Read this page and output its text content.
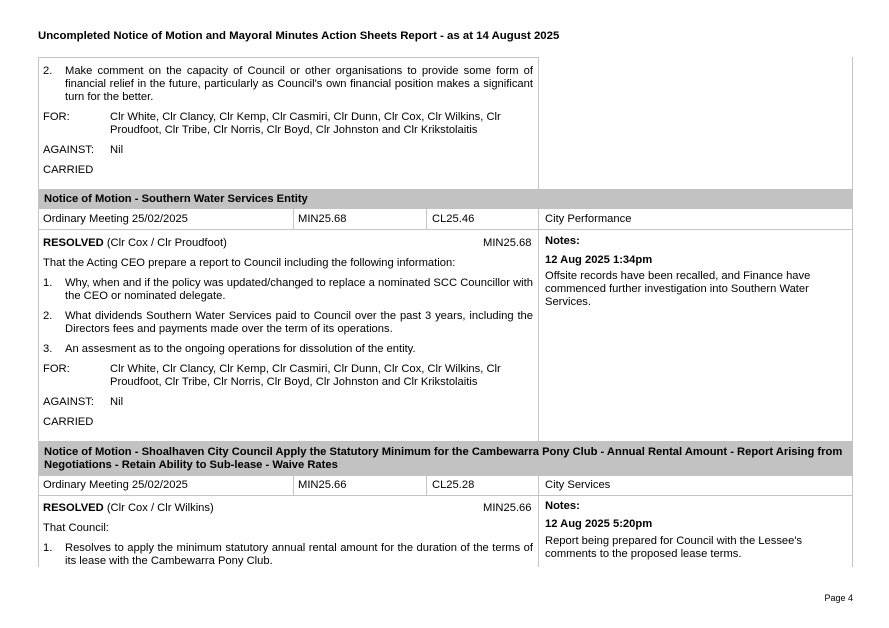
Uncompleted Notice of Motion and Mayoral Minutes Action Sheets Report - as at 14 August 2025
2. Make comment on the capacity of Council or other organisations to provide some form of financial relief in the future, particularly as Council's own financial position makes a significant turn for the better.
FOR:	Clr White, Clr Clancy, Clr Kemp, Clr Casmiri, Clr Dunn, Clr Cox, Clr Wilkins, Clr Proudfoot, Clr Tribe, Clr Norris, Clr Boyd, Clr Johnston and Clr Krikstolaitis
AGAINST: Nil
CARRIED
Notice of Motion - Southern Water Services Entity
Ordinary Meeting 25/02/2025	MIN25.68	CL25.46	City Performance
RESOLVED (Clr Cox / Clr Proudfoot)	MIN25.68
That the Acting CEO prepare a report to Council including the following information:
1. Why, when and if the policy was updated/changed to replace a nominated SCC Councillor with the CEO or nominated delegate.
2. What dividends Southern Water Services paid to Council over the past 3 years, including the Directors fees and payments made over the term of its operations.
3. An assesment as to the ongoing operations for dissolution of the entity.
FOR:	Clr White, Clr Clancy, Clr Kemp, Clr Casmiri, Clr Dunn, Clr Cox, Clr Wilkins, Clr Proudfoot, Clr Tribe, Clr Norris, Clr Boyd, Clr Johnston and Clr Krikstolaitis
AGAINST: Nil
CARRIED
Notes:
12 Aug 2025 1:34pm
Offsite records have been recalled, and Finance have commenced further investigation into Southern Water Services.
Notice of Motion - Shoalhaven City Council Apply the Statutory Minimum for the Cambewarra Pony Club - Annual Rental Amount - Report Arising from Negotiations - Retain Ability to Sub-lease - Waive Rates
Ordinary Meeting 25/02/2025	MIN25.66	CL25.28	City Services
RESOLVED (Clr Cox / Clr Wilkins)	MIN25.66
That Council:
1. Resolves to apply the minimum statutory annual rental amount for the duration of the terms of its lease with the Cambewarra Pony Club.
Notes:
12 Aug 2025 5:20pm
Report being prepared for Council with the Lessee's comments to the proposed lease terms.
Page 4
